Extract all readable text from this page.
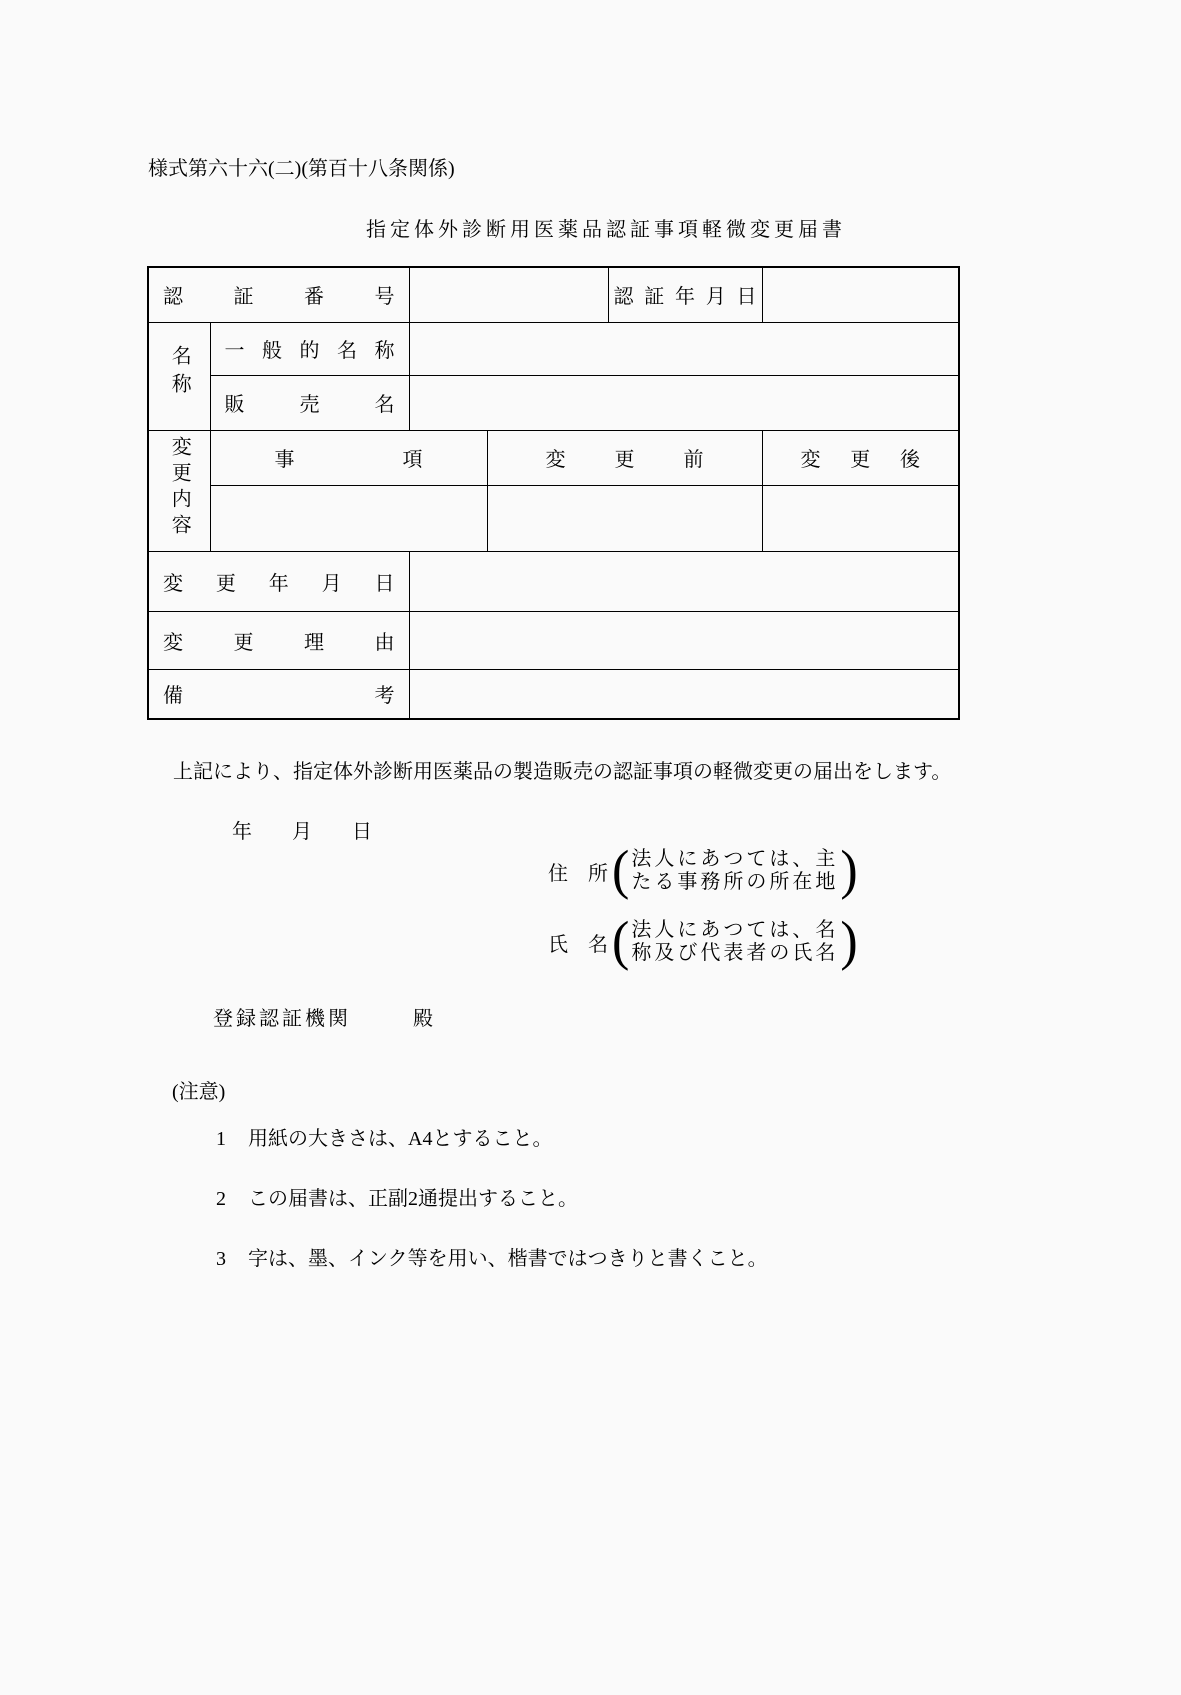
様式第六十六(二)(第百十八条関係)
指定体外診断用医薬品認証事項軽微変更届書
認証番号				認証年月日	
名称	一般的名称				
	販売名				
変更内容	事項		変更前		変更後

変更年月日					
変更理由					
備考					
上記により、指定体外診断用医薬品の製造販売の認証事項の軽微変更の届出をします。
年　　月　　日
住　所 ( 法人にあつては、主
たる事務所の所在地 )
氏　名 ( 法人にあつては、名
称及び代表者の氏名 )
登録認証機関	殿
(注意)
1 用紙の大きさは、A4とすること。
2 この届書は、正副2通提出すること。
3 字は、墨、インク等を用い、楷書ではつきりと書くこと。
